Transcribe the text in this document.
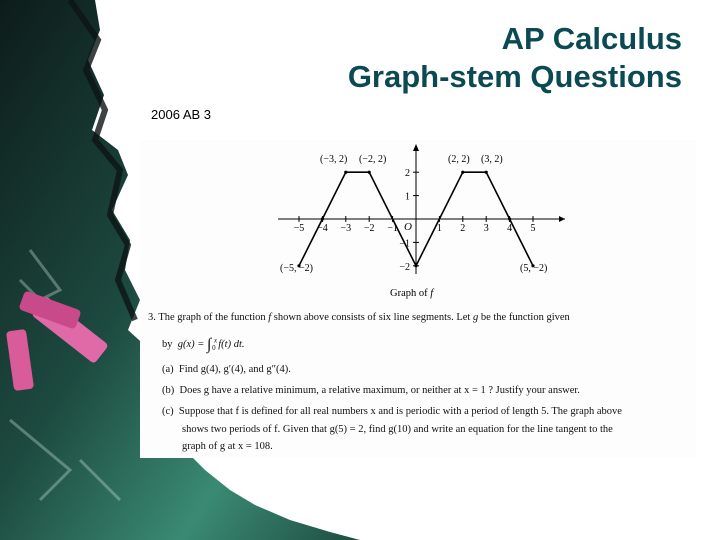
AP Calculus
Graph-stem Questions
2006 AB 3
−5 −4 −3 −2 −1	1 2 3 4 5
2
1
−1
−2
O
(−3, 2) (−2, 2)	(2, 2) (3, 2)
(−5, −2)	(5, −2)
Graph of f
3. The graph of the function f shown above consists of six line segments. Let g be the function given
by g(x) = ∫ $^x_0$ f(t) dt.
(a) Find g(4), g′(4), and g″(4).
(b) Does g have a relative minimum, a relative maximum, or neither at x = 1 ? Justify your answer.
(c) Suppose that f is defined for all real numbers x and is periodic with a period of length 5. The graph above
shows two periods of f. Given that g(5) = 2, find g(10) and write an equation for the line tangent to the
graph of g at x = 108.
